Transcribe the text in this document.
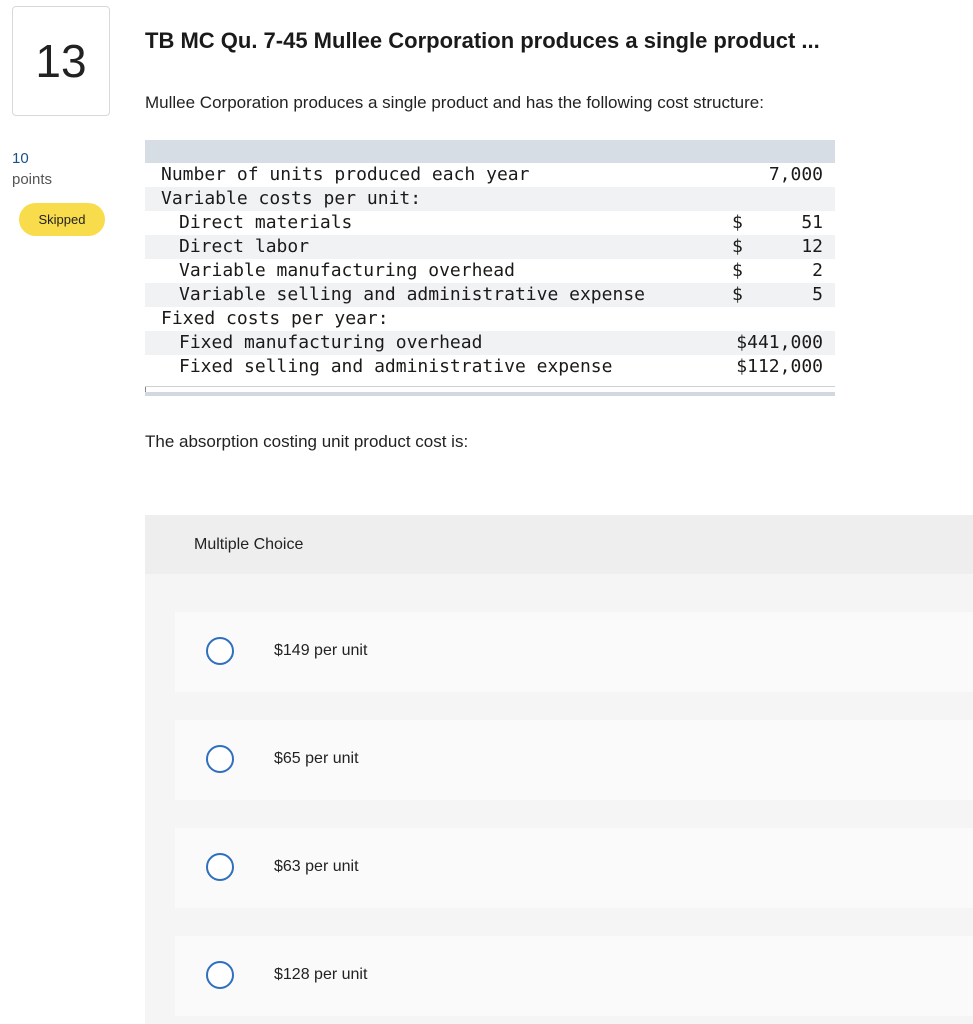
13
10
points
Skipped
TB MC Qu. 7-45 Mullee Corporation produces a single product ...
Mullee Corporation produces a single product and has the following cost structure:
Number of units produced each year	7,000
Variable costs per unit:
Direct materials	$	51
Direct labor	$	12
Variable manufacturing overhead	$	2
Variable selling and administrative expense	$	5
Fixed costs per year:
Fixed manufacturing overhead	$441,000
Fixed selling and administrative expense	$112,000
The absorption costing unit product cost is:
Multiple Choice
$149 per unit
$65 per unit
$63 per unit
$128 per unit
